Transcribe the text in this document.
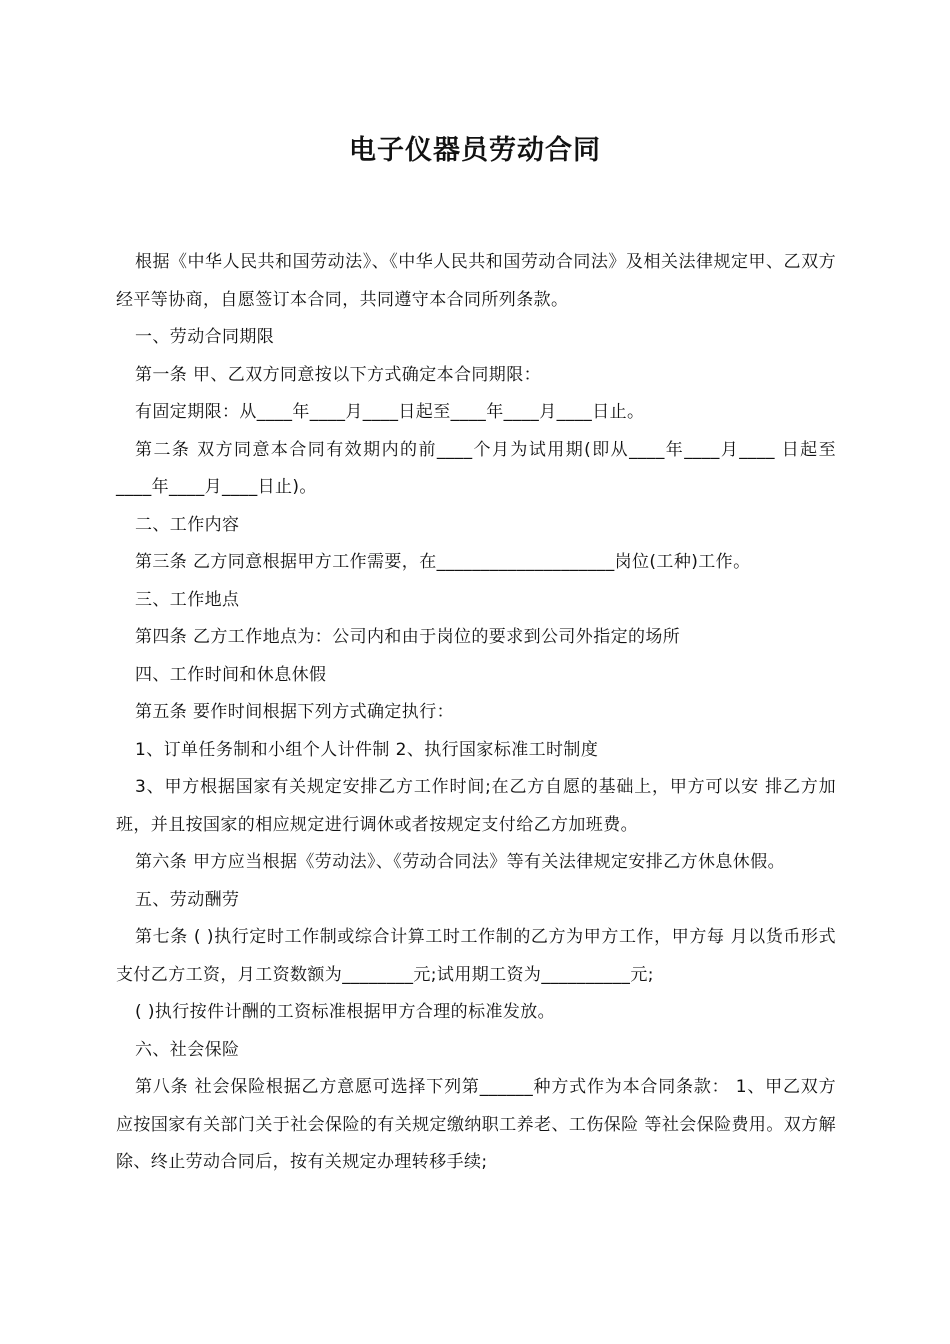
电子仪器员劳动合同

根据《中华人民共和国劳动法》、《中华人民共和国劳动合同法》及相关法律规定甲、乙双方经平等协商，自愿签订本合同，共同遵守本合同所列条款。

一、劳动合同期限

第一条 甲、乙双方同意按以下方式确定本合同期限：

有固定期限：从____年____月____日起至____年____月____日止。

第二条 双方同意本合同有效期内的前____个月为试用期(即从____年____月____ 日起至____年____月____日止)。

二、工作内容

第三条 乙方同意根据甲方工作需要，在____________________岗位(工种)工作。

三、工作地点

第四条 乙方工作地点为：公司内和由于岗位的要求到公司外指定的场所

四、工作时间和休息休假

第五条 要作时间根据下列方式确定执行：

1、订单任务制和小组个人计件制 2、执行国家标准工时制度

3、甲方根据国家有关规定安排乙方工作时间;在乙方自愿的基础上，甲方可以安 排乙方加班，并且按国家的相应规定进行调休或者按规定支付给乙方加班费。

第六条 甲方应当根据《劳动法》、《劳动合同法》等有关法律规定安排乙方休息休假。

五、劳动酬劳

第七条 ( )执行定时工作制或综合计算工时工作制的乙方为甲方工作，甲方每 月以货币形式支付乙方工资，月工资数额为________元;试用期工资为__________元;

( )执行按件计酬的工资标准根据甲方合理的标准发放。

六、社会保险

第八条 社会保险根据乙方意愿可选择下列第______种方式作为本合同条款： 1、甲乙双方应按国家有关部门关于社会保险的有关规定缴纳职工养老、工伤保险 等社会保险费用。双方解除、终止劳动合同后，按有关规定办理转移手续;
